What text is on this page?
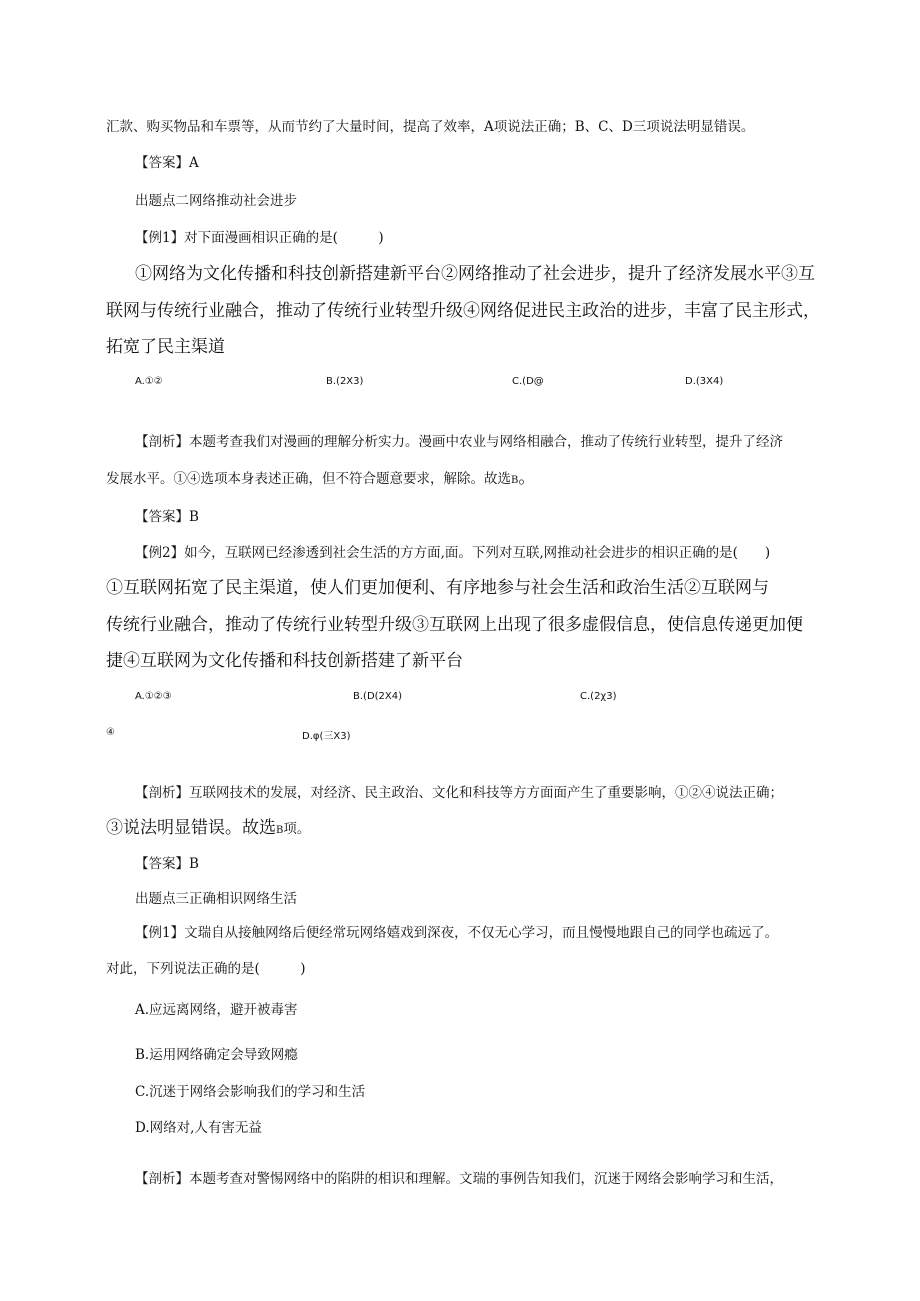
汇款、购买物品和车票等，从而节约了大量时间，提高了效率，A项说法正确；B、C、D三项说法明显错误。

【答案】A

出题点二网络推动社会进步

【例1】对下面漫画相识正确的是(　　　)

①网络为文化传播和科技创新搭建新平台②网络推动了社会进步，提升了经济发展水平③互

联网与传统行业融合，推动了传统行业转型升级④网络促进民主政治的进步，丰富了民主形式，

拓宽了民主渠道

A.①②	B.(2X3)	C.(D@	D.(3X4)

【剖析】本题考查我们对漫画的理解分析实力。漫画中农业与网络相融合，推动了传统行业转型，提升了经济

发展水平。①④选项本身表述正确，但不符合题意要求，解除。故选B。

【答案】B

【例2】如今，互联网已经渗透到社会生活的方方面,面。下列对互联,网推动社会进步的相识正确的是(　　)

①互联网拓宽了民主渠道，使人们更加便利、有序地参与社会生活和政治生活②互联网与

传统行业融合，推动了传统行业转型升级③互联网上出现了很多虚假信息，使信息传递更加便

捷④互联网为文化传播和科技创新搭建了新平台

A.①②③	B.(D(2X4)	C.(2χ3)

④	D.φ(三X3)

【剖析】互联网技术的发展，对经济、民主政治、文化和科技等方方面面产生了重要影响，①②④说法正确；

③说法明显错误。故选B项。

【答案】B

出题点三正确相识网络生活

【例1】文瑞自从接触网络后便经常玩网络嬉戏到深夜，不仅无心学习，而且慢慢地跟自己的同学也疏远了。

对此，下列说法正确的是(　　　)

A.应远离网络，避开被毒害

B.运用网络确定会导致网瘾

C.沉迷于网络会影响我们的学习和生活

D.网络对,人有害无益

【剖析】本题考查对警惕网络中的陷阱的相识和理解。文瑞的事例告知我们，沉迷于网络会影响学习和生活，
